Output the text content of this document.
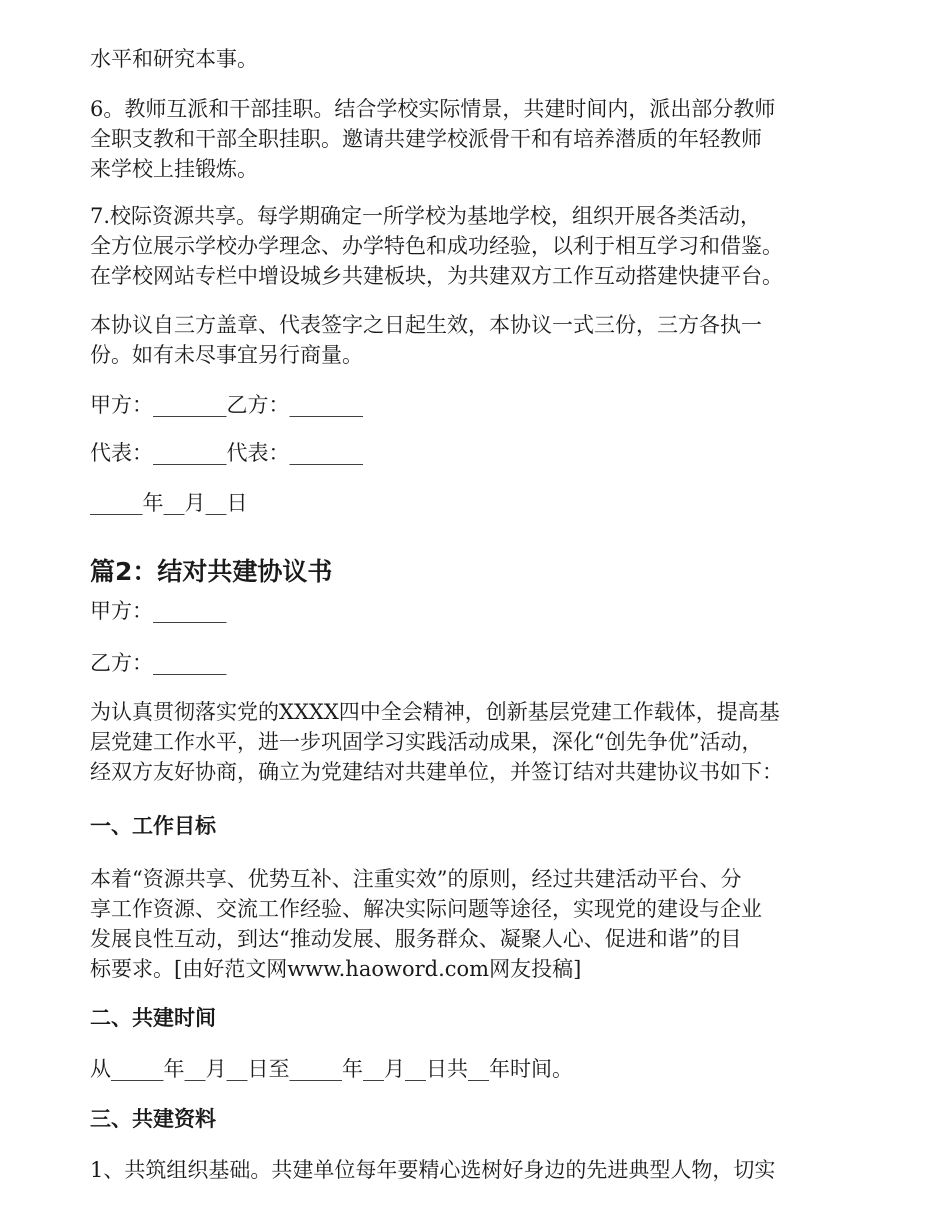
水平和研究本事。

6。教师互派和干部挂职。结合学校实际情景，共建时间内，派出部分教师
全职支教和干部全职挂职。邀请共建学校派骨干和有培养潜质的年轻教师
来学校上挂锻炼。

7.校际资源共享。每学期确定一所学校为基地学校，组织开展各类活动，
全方位展示学校办学理念、办学特色和成功经验，以利于相互学习和借鉴。
在学校网站专栏中增设城乡共建板块，为共建双方工作互动搭建快捷平台。

本协议自三方盖章、代表签字之日起生效，本协议一式三份，三方各执一
份。如有未尽事宜另行商量。

甲方：_______乙方：_______

代表：_______代表：_______

_____年__月__日

篇2：结对共建协议书

甲方：_______

乙方：_______

为认真贯彻落实党的XXXX四中全会精神，创新基层党建工作载体，提高基
层党建工作水平，进一步巩固学习实践活动成果，深化“创先争优”活动，
经双方友好协商，确立为党建结对共建单位，并签订结对共建协议书如下：

一、工作目标

本着“资源共享、优势互补、注重实效”的原则，经过共建活动平台、分
享工作资源、交流工作经验、解决实际问题等途径，实现党的建设与企业
发展良性互动，到达“推动发展、服务群众、凝聚人心、促进和谐”的目
标要求。[由好范文网www.haoword.com网友投稿]

二、共建时间

从_____年__月__日至_____年__月__日共__年时间。

三、共建资料

1、共筑组织基础。共建单位每年要精心选树好身边的先进典型人物，切实
